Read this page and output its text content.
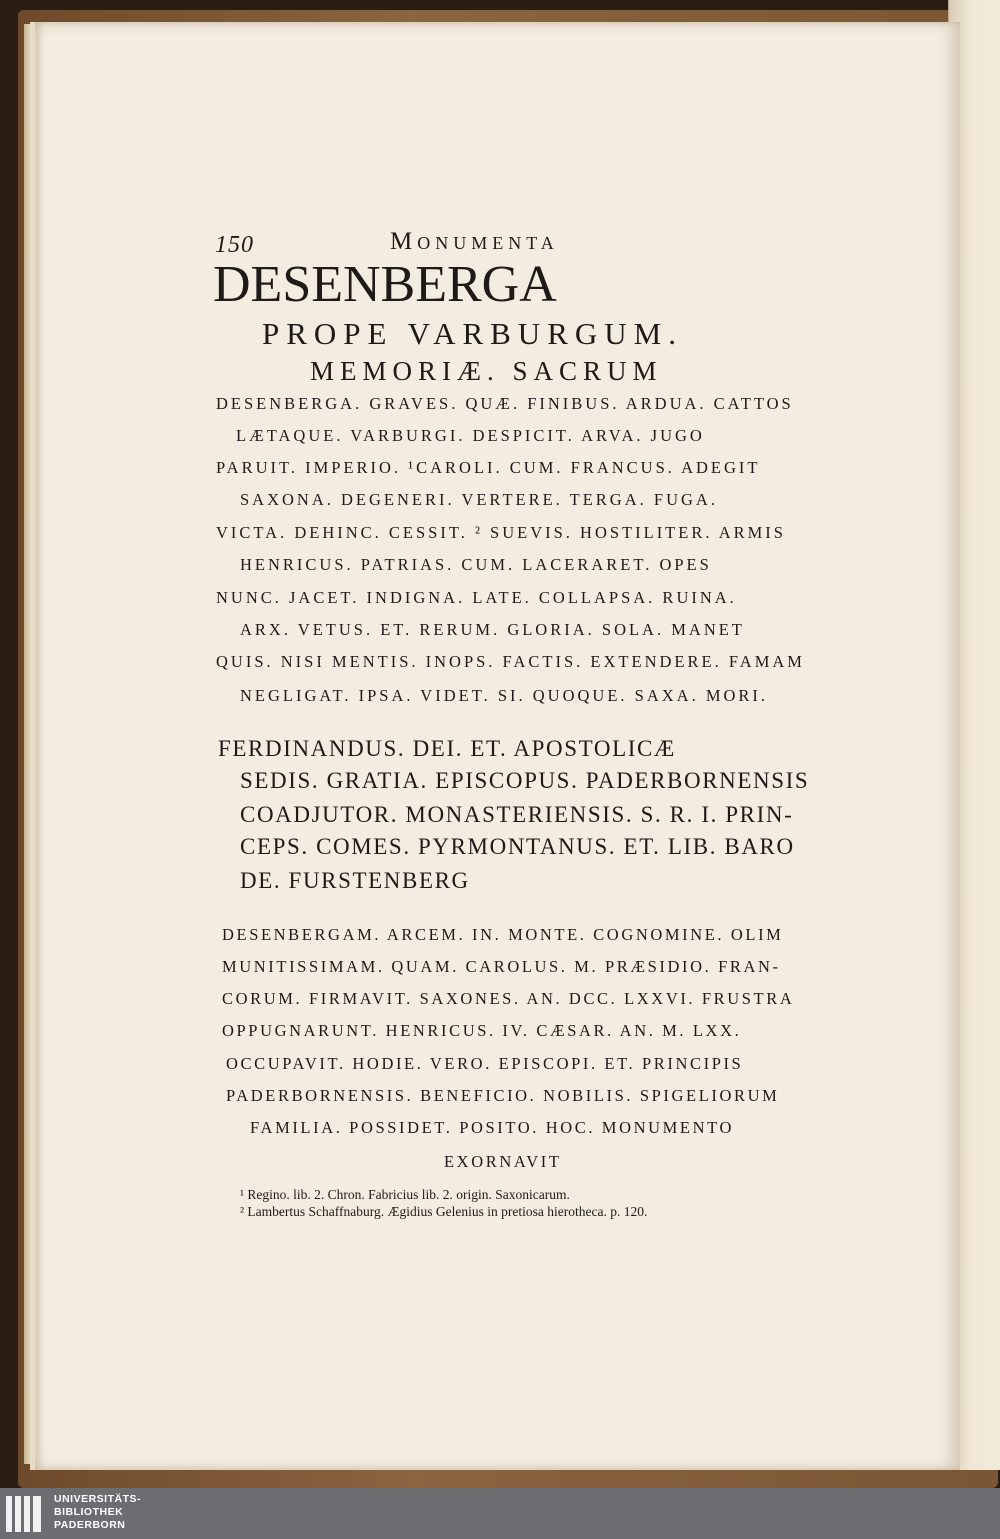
150	Monumenta
DESENBERGA
PROPE VARBURGUM.
MEMORIÆ. SACRUM
DESENBERGA. GRAVES. QUÆ. FINIBUS. ARDUA. CATTOS
LÆTAQUE. VARBURGI. DESPICIT. ARVA. JUGO
PARUIT. IMPERIO. ¹CAROLI. CUM. FRANCUS. ADEGIT
SAXONA. DEGENERI. VERTERE. TERGA. FUGA.
VICTA. DEHINC. CESSIT. ² SUEVIS. HOSTILITER. ARMIS
HENRICUS. PATRIAS. CUM. LACERARET. OPES
NUNC. JACET. INDIGNA. LATE. COLLAPSA. RUINA.
ARX. VETUS. ET. RERUM. GLORIA. SOLA. MANET
QUIS. NISI MENTIS. INOPS. FACTIS. EXTENDERE. FAMAM
NEGLIGAT. IPSA. VIDET. SI. QUOQUE. SAXA. MORI.
FERDINANDUS. DEI. ET. APOSTOLICÆ
SEDIS. GRATIA. EPISCOPUS. PADERBORNENSIS
COADJUTOR. MONASTERIENSIS. S. R. I. PRIN-
CEPS. COMES. PYRMONTANUS. ET. LIB. BARO
DE. FURSTENBERG
DESENBERGAM. ARCEM. IN. MONTE. COGNOMINE. OLIM
MUNITISSIMAM. QUAM. CAROLUS. M. PRÆSIDIO. FRAN-
CORUM. FIRMAVIT. SAXONES. AN. DCC. LXXVI. FRUSTRA
OPPUGNARUNT. HENRICUS. IV. CÆSAR. AN. M. LXX.
OCCUPAVIT. HODIE. VERO. EPISCOPI. ET. PRINCIPIS
PADERBORNENSIS. BENEFICIO. NOBILIS. SPIGELIORUM
FAMILIA. POSSIDET. POSITO. HOC. MONUMENTO
EXORNAVIT
¹ Regino. lib. 2. Chron. Fabricius lib. 2. origin. Saxonicarum.
² Lambertus Schaffnaburg. Ægidius Gelenius in pretiosa hierotheca. p. 120.
UNIVERSITÄTS-
BIBLIOTHEK
PADERBORN
